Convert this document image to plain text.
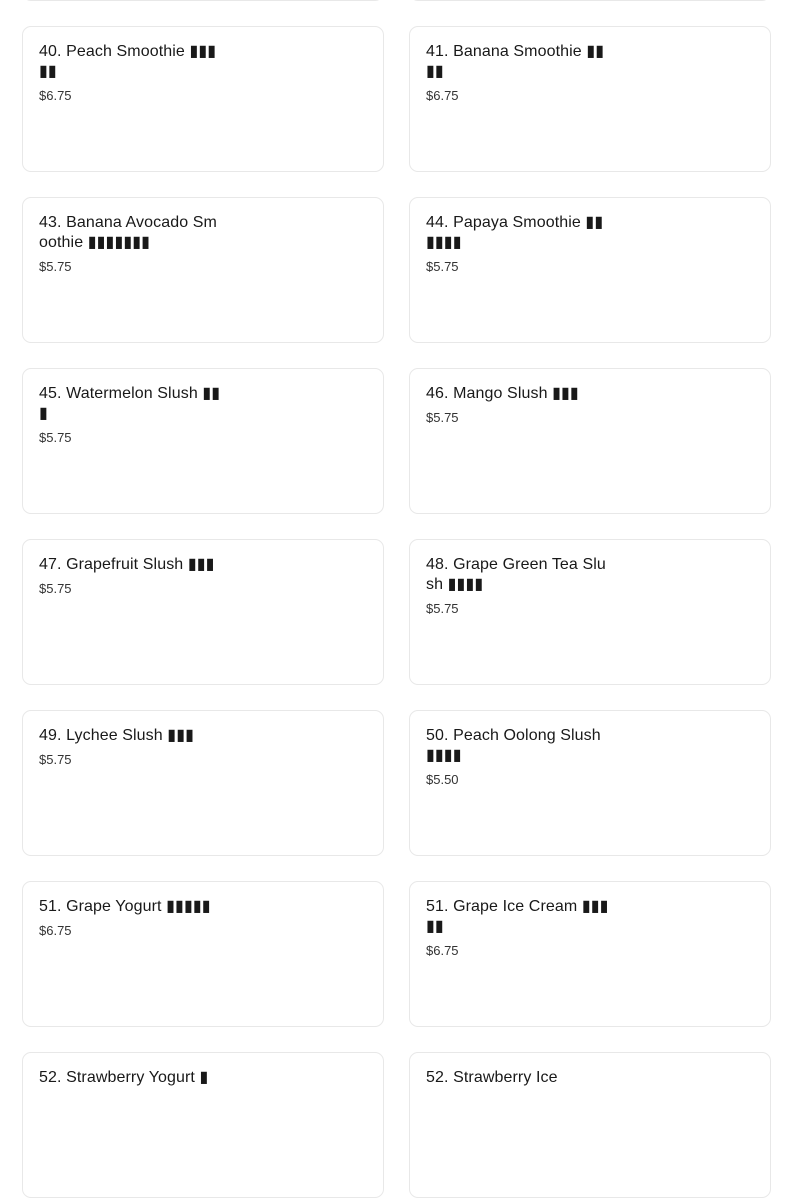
40. Peach Smoothie ▮▮▮▮▮
$6.75
41. Banana Smoothie ▮▮▮▮
$6.75
43. Banana Avocado Smoothie ▮▮▮▮▮▮▮
$5.75
44. Papaya Smoothie ▮▮▮▮▮▮
$5.75
45. Watermelon Slush ▮▮▮
$5.75
46. Mango Slush ▮▮▮
$5.75
47. Grapefruit Slush ▮▮▮
$5.75
48. Grape Green Tea Slush ▮▮▮▮
$5.75
49. Lychee Slush ▮▮▮
$5.75
50. Peach Oolong Slush ▮▮▮▮
$5.50
51. Grape Yogurt ▮▮▮▮▮
$6.75
51. Grape Ice Cream ▮▮▮▮▮
$6.75
52. Strawberry Yogurt ▮	52. Strawberry Ice
